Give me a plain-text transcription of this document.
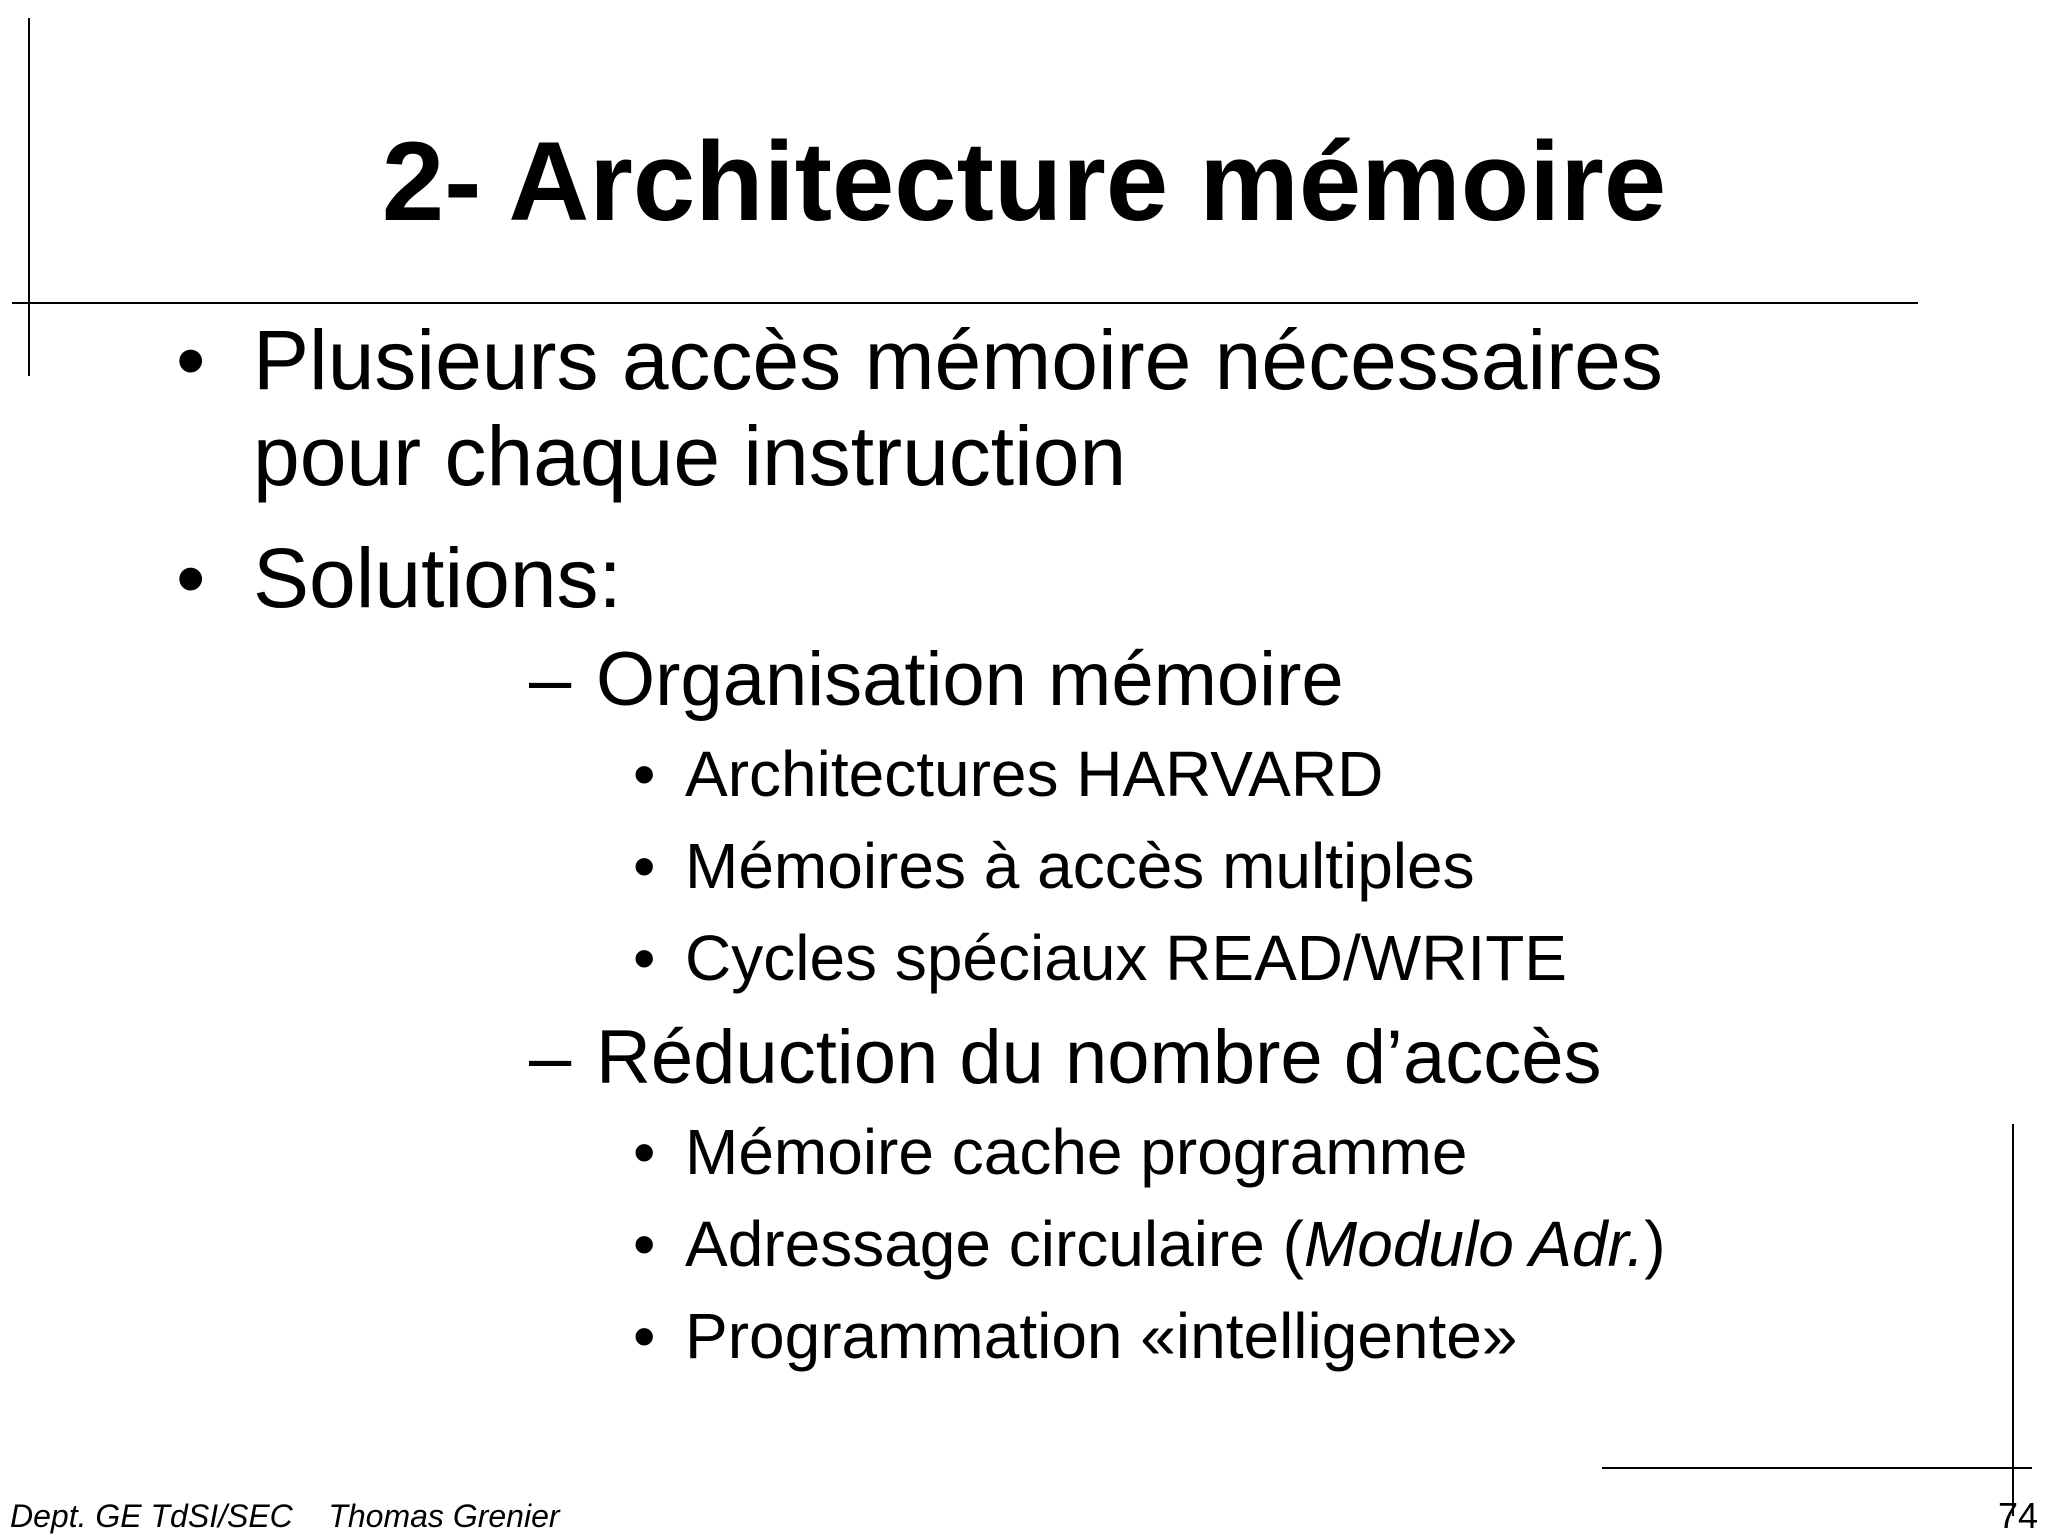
2- Architecture mémoire
• Plusieurs accès mémoire nécessaires
pour chaque instruction
• Solutions:
– Organisation mémoire
• Architectures HARVARD
• Mémoires à accès multiples
• Cycles spéciaux READ/WRITE
– Réduction du nombre d’accès
• Mémoire cache programme
• Adressage circulaire (Modulo Adr.)
• Programmation «intelligente»
Dept. GE TdSI/SEC Thomas Grenier	74
